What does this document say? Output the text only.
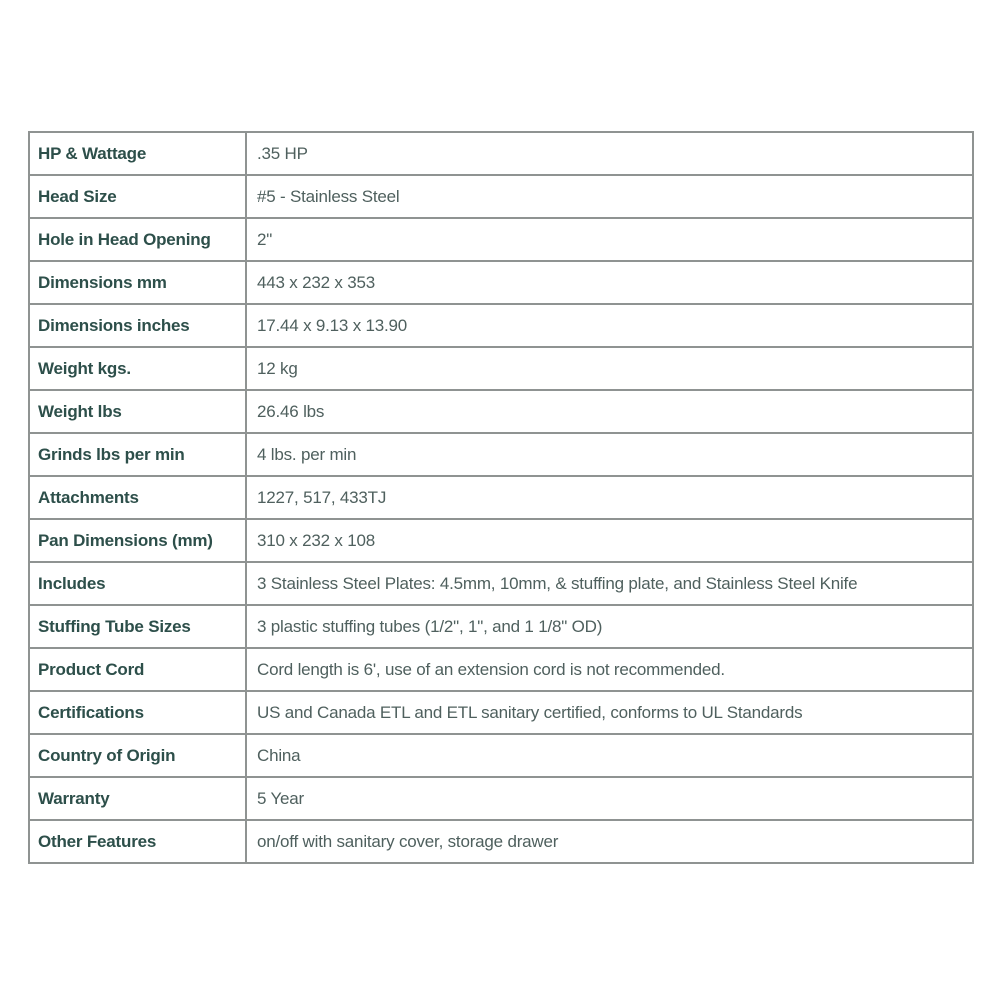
HP & Wattage	.35 HP
Head Size	#5 - Stainless Steel
Hole in Head Opening	2"
Dimensions mm	443 x 232 x 353
Dimensions inches	17.44 x 9.13 x 13.90
Weight kgs.	12 kg
Weight lbs	26.46 lbs
Grinds lbs per min	4 lbs. per min
Attachments	1227, 517, 433TJ
Pan Dimensions (mm)	310 x 232 x 108
Includes	3 Stainless Steel Plates: 4.5mm, 10mm, & stuffing plate, and Stainless Steel Knife
Stuffing Tube Sizes	3 plastic stuffing tubes (1/2", 1", and 1 1/8" OD)
Product Cord	Cord length is 6', use of an extension cord is not recommended.
Certifications	US and Canada ETL and ETL sanitary certified, conforms to UL Standards
Country of Origin	China
Warranty	5 Year
Other Features	on/off with sanitary cover, storage drawer
